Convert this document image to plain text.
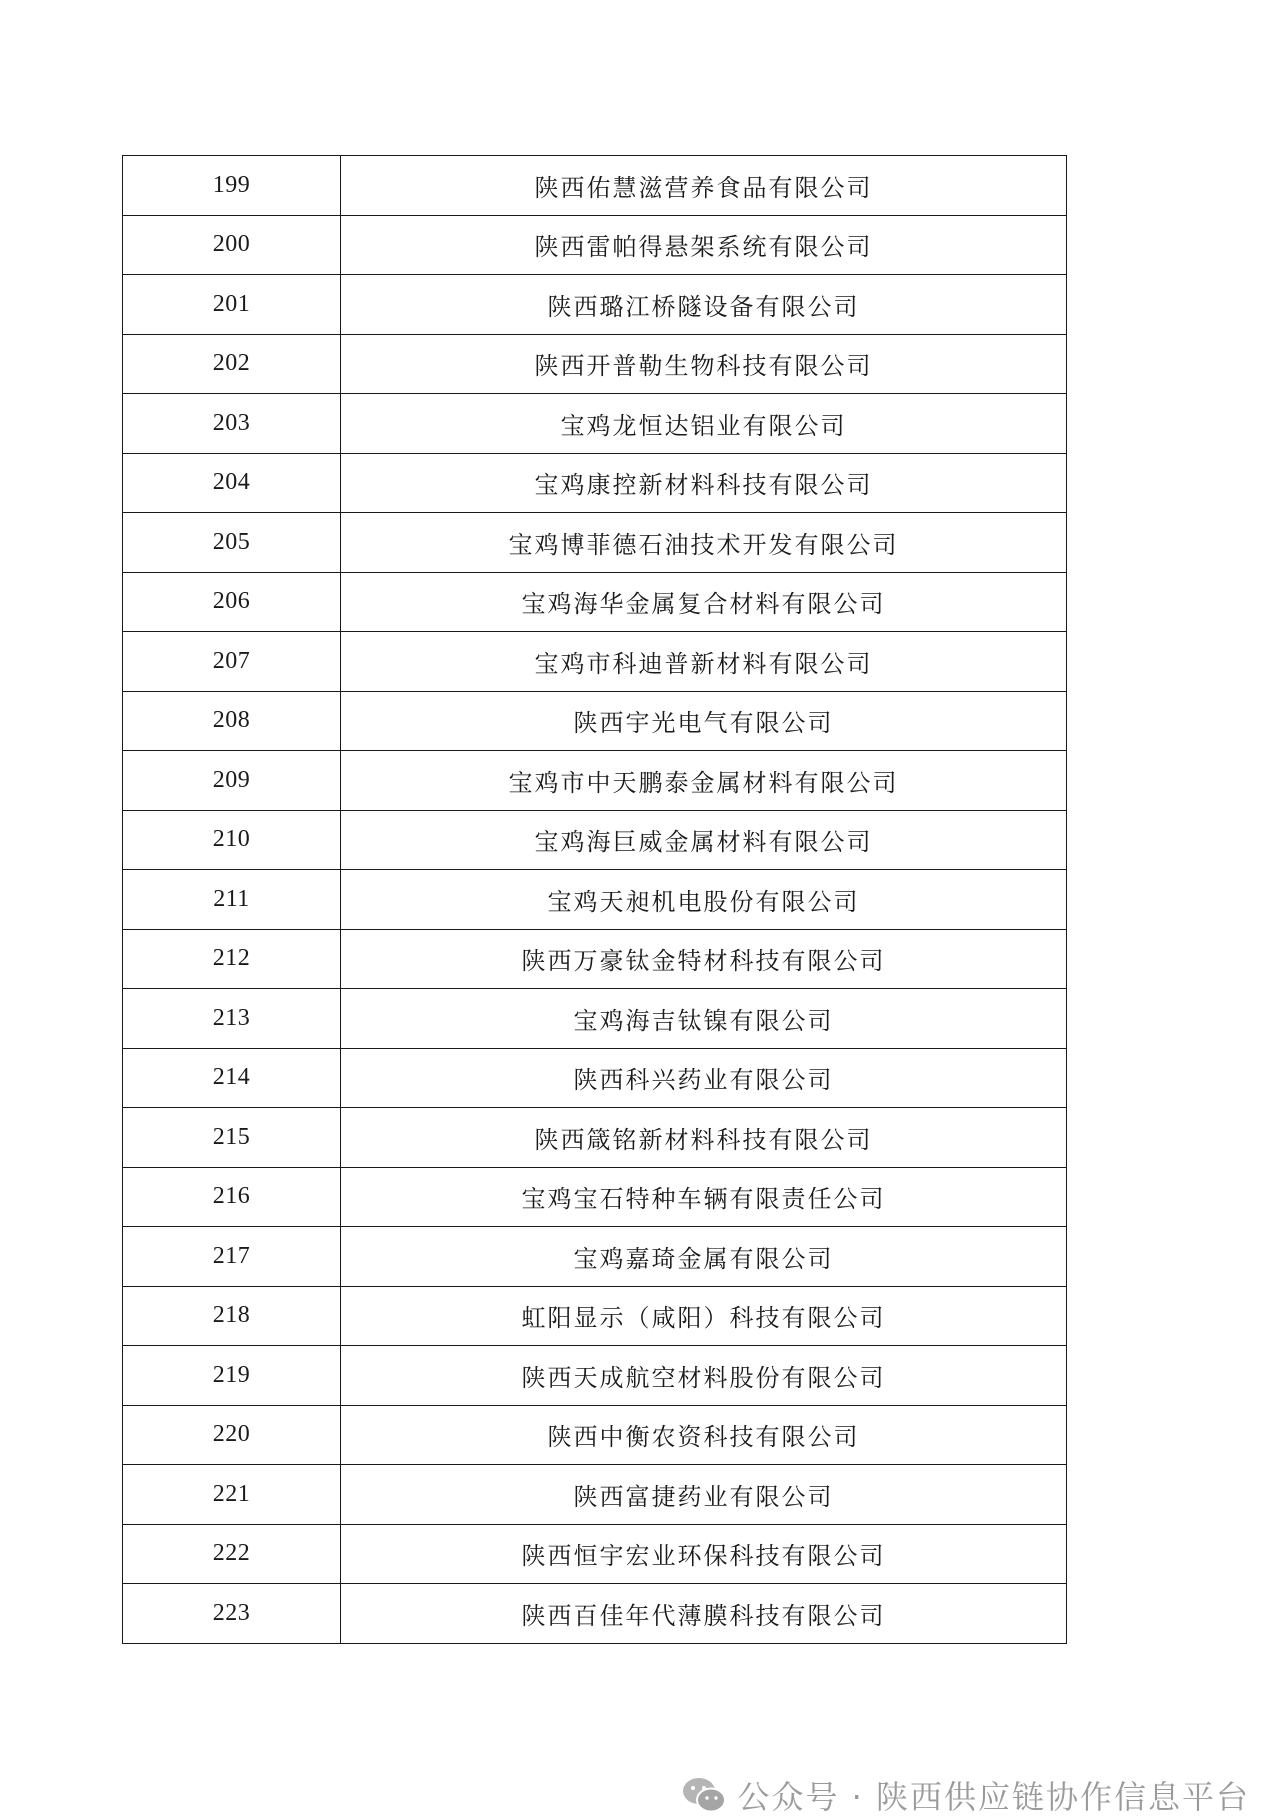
199	陕西佑慧滋营养食品有限公司
200	陕西雷帕得悬架系统有限公司
201	陕西璐江桥隧设备有限公司
202	陕西开普勒生物科技有限公司
203	宝鸡龙恒达铝业有限公司
204	宝鸡康控新材料科技有限公司
205	宝鸡博菲德石油技术开发有限公司
206	宝鸡海华金属复合材料有限公司
207	宝鸡市科迪普新材料有限公司
208	陕西宇光电气有限公司
209	宝鸡市中天鹏泰金属材料有限公司
210	宝鸡海巨威金属材料有限公司
211	宝鸡天昶机电股份有限公司
212	陕西万豪钛金特材科技有限公司
213	宝鸡海吉钛镍有限公司
214	陕西科兴药业有限公司
215	陕西箴铭新材料科技有限公司
216	宝鸡宝石特种车辆有限责任公司
217	宝鸡嘉琦金属有限公司
218	虹阳显示（咸阳）科技有限公司
219	陕西天成航空材料股份有限公司
220	陕西中衡农资科技有限公司
221	陕西富捷药业有限公司
222	陕西恒宇宏业环保科技有限公司
223	陕西百佳年代薄膜科技有限公司
公众号 · 陕西供应链协作信息平台
